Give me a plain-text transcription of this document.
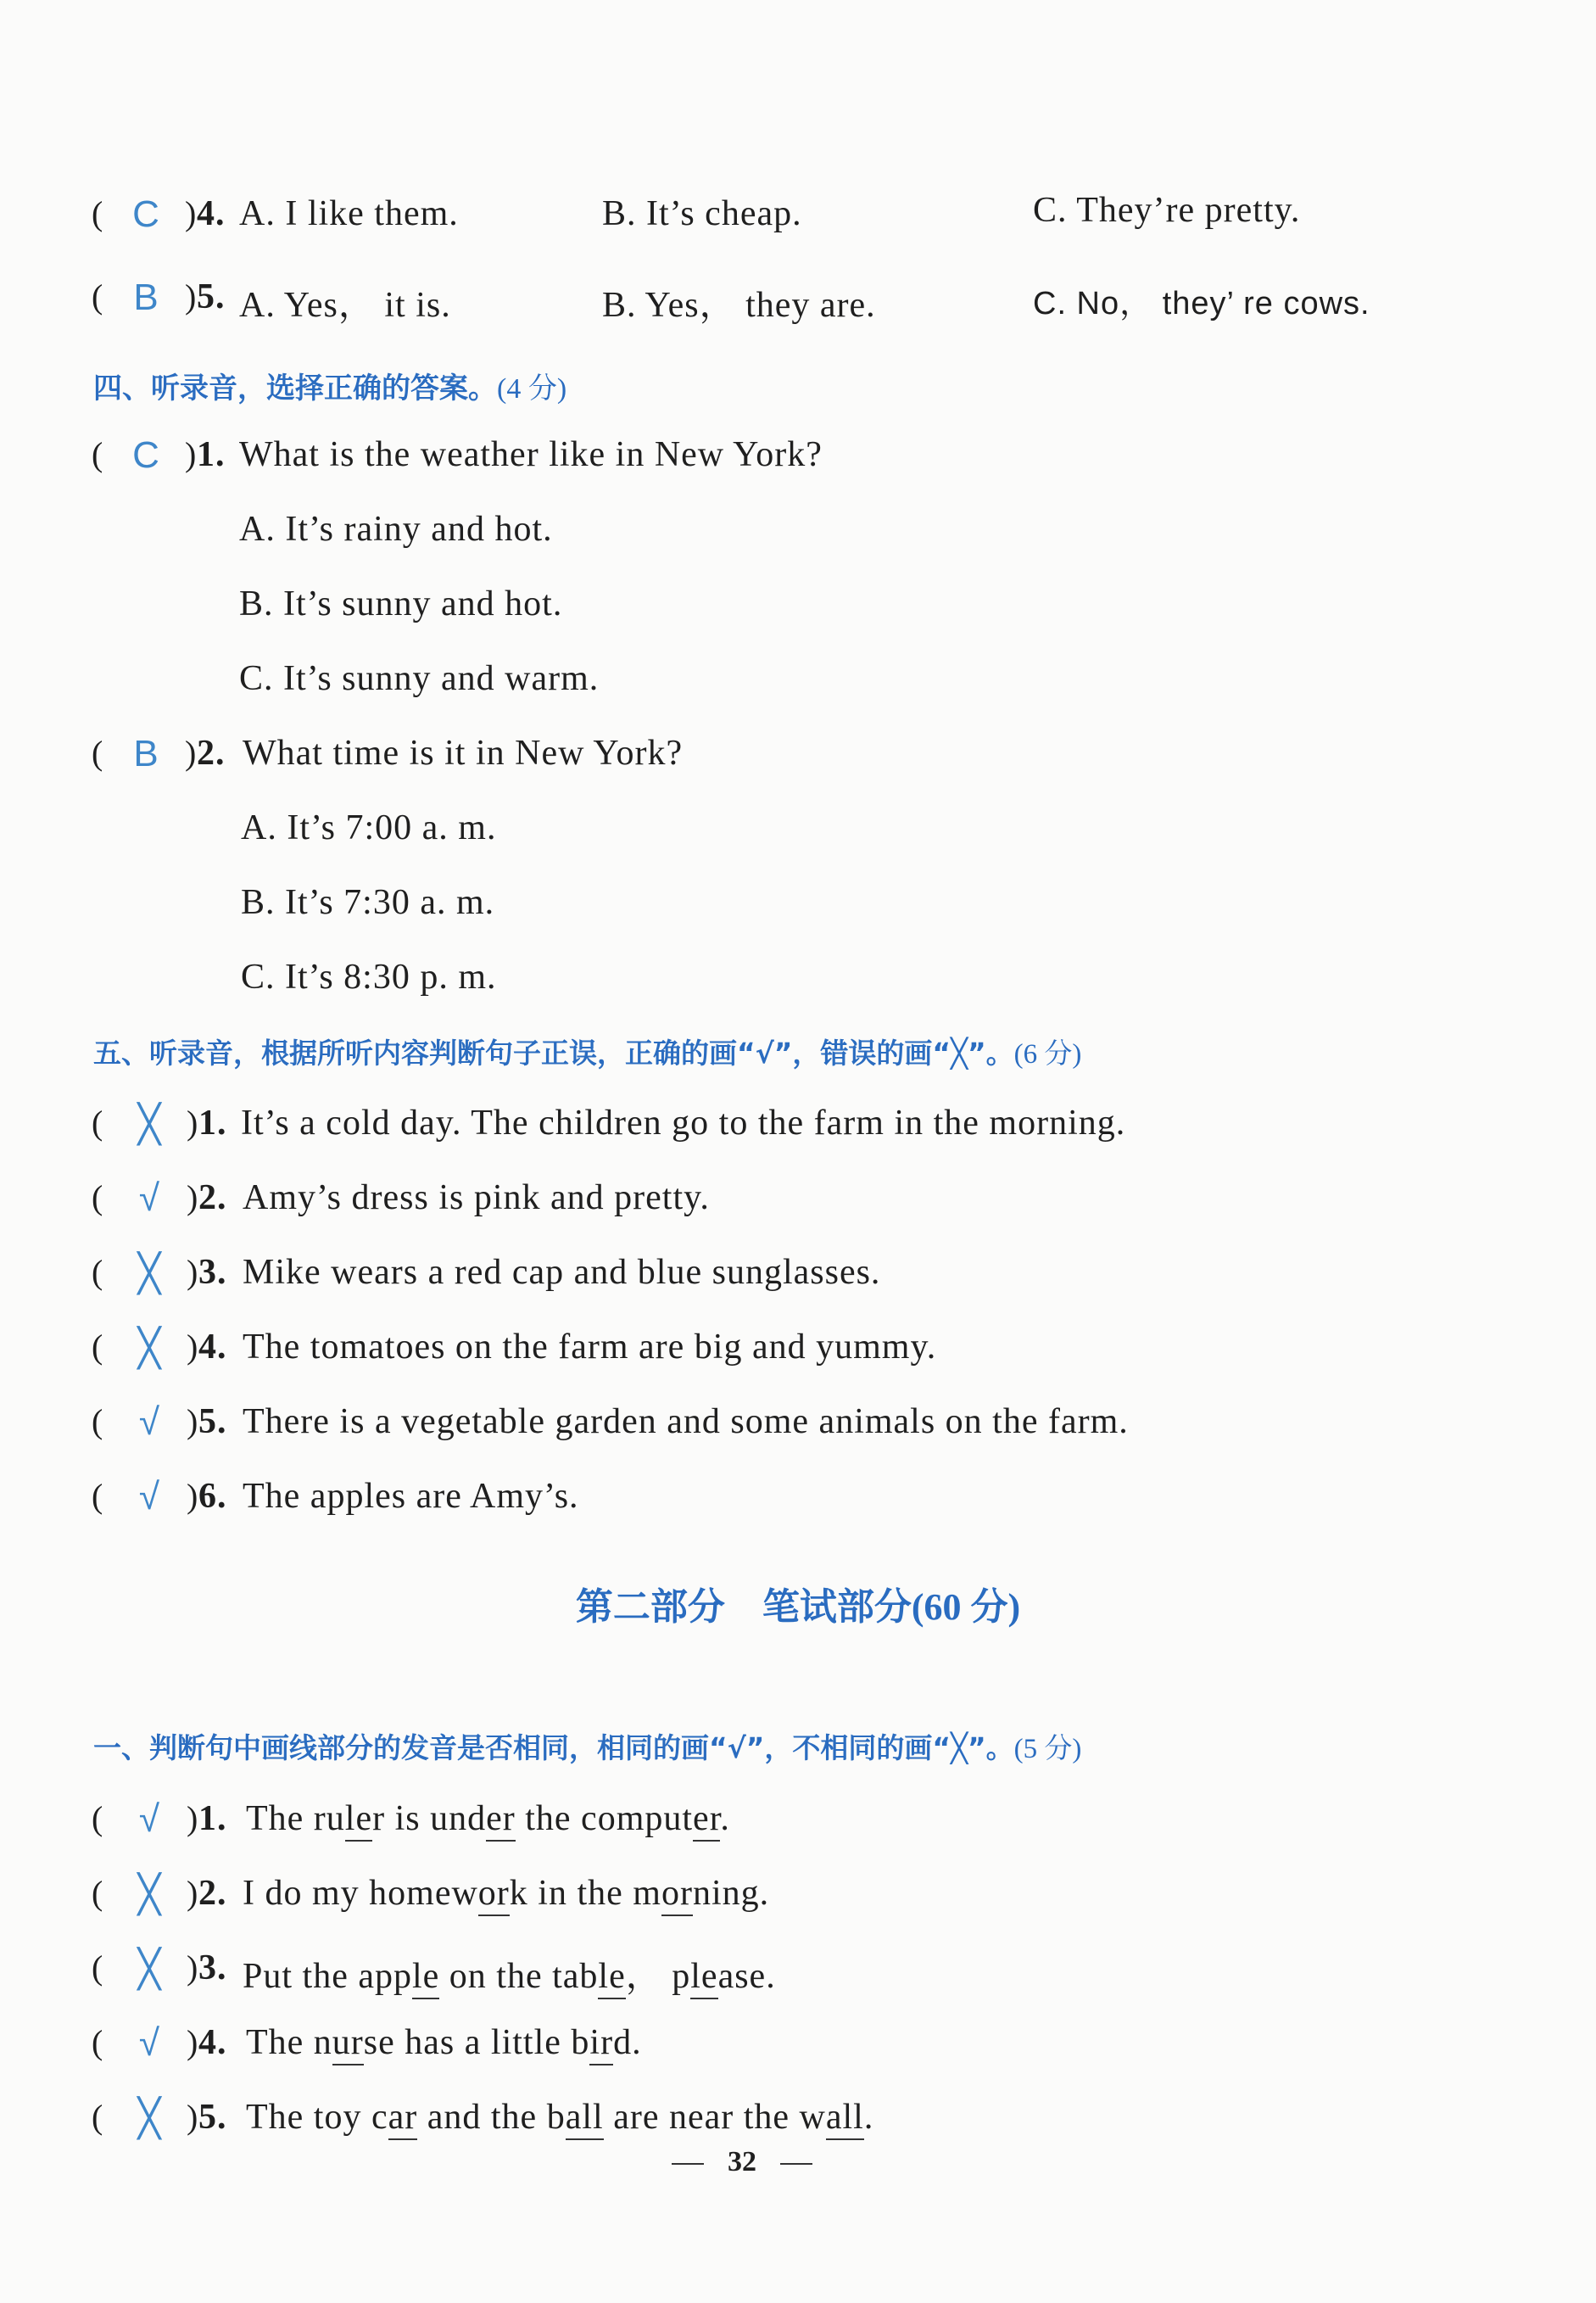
( C ) 4. A. I like them.	B. It’s cheap.	C. They’re pretty.
( B ) 5. A. Yes， it is.	B. Yes， they are.	C. No， they’ re cows.
四、听录音，选择正确的答案。(4 分)
( C ) 1. What is the weather like in New York?
A. It’s rainy and hot.
B. It’s sunny and hot.
C. It’s sunny and warm.
( B ) 2. What time is it in New York?
A. It’s 7:00 a. m.
B. It’s 7:30 a. m.
C. It’s 8:30 p. m.
五、听录音，根据所听内容判断句子正误，正确的画“√”，错误的画“╳”。(6 分)
( ╳ ) 1. It’s a cold day. The children go to the farm in the morning.
( √ ) 2. Amy’s dress is pink and pretty.
( ╳ ) 3. Mike wears a red cap and blue sunglasses.
( ╳ ) 4. The tomatoes on the farm are big and yummy.
( √ ) 5. There is a vegetable garden and some animals on the farm.
( √ ) 6. The apples are Amy’s.
第二部分　笔试部分(60 分)
一、判断句中画线部分的发音是否相同，相同的画“√”，不相同的画“╳”。(5 分)
( √ ) 1. The ruler is under the computer.
( ╳ ) 2. I do my homework in the morning.
( ╳ ) 3. Put the apple on the table， please.
( √ ) 4. The nurse has a little bird.
( ╳ ) 5. The toy car and the ball are near the wall.
32
